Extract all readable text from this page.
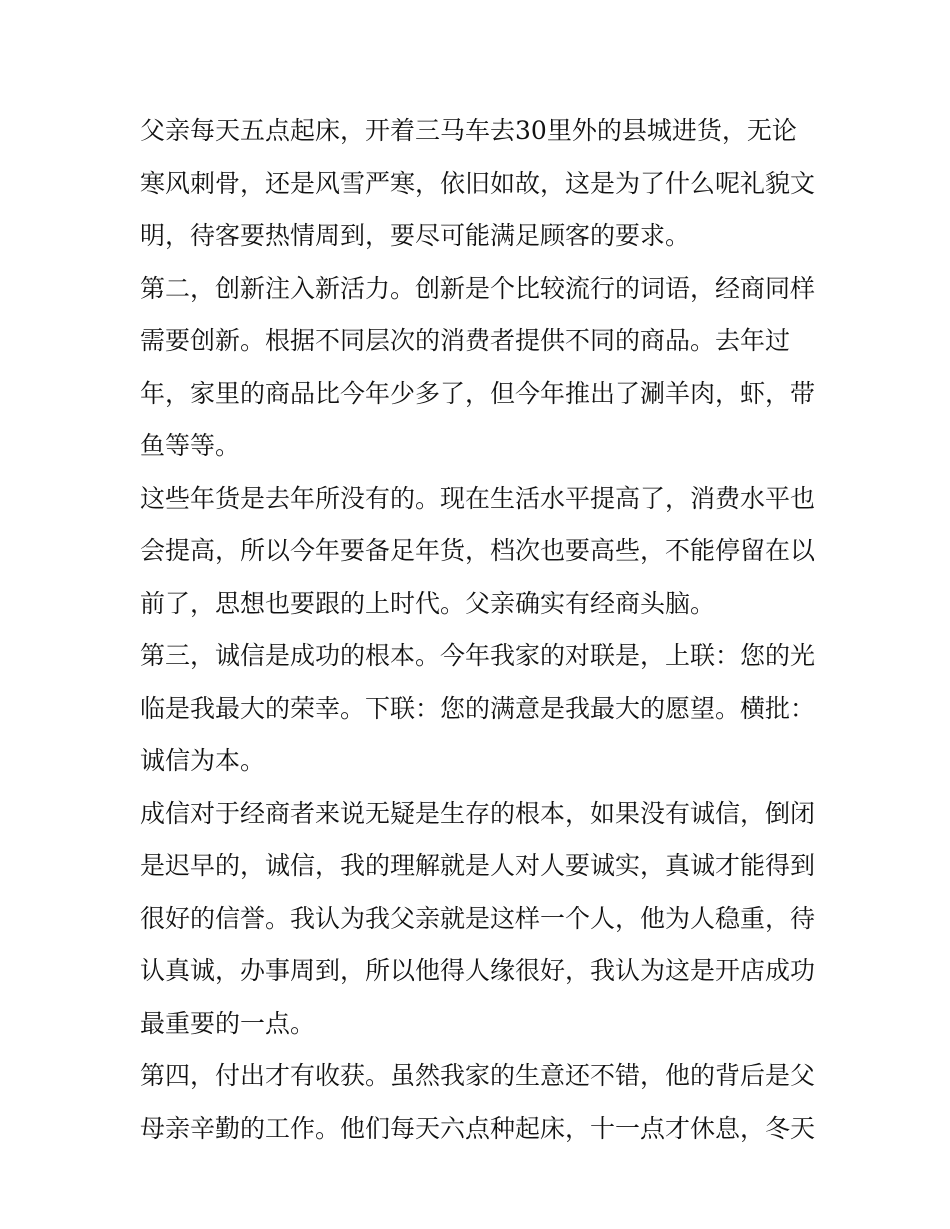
父亲每天五点起床，开着三马车去30里外的县城进货，无论
寒风刺骨，还是风雪严寒，依旧如故，这是为了什么呢礼貌文
明，待客要热情周到，要尽可能满足顾客的要求。
第二，创新注入新活力。创新是个比较流行的词语，经商同样
需要创新。根据不同层次的消费者提供不同的商品。去年过
年，家里的商品比今年少多了，但今年推出了涮羊肉，虾，带
鱼等等。
这些年货是去年所没有的。现在生活水平提高了，消费水平也
会提高，所以今年要备足年货，档次也要高些，不能停留在以
前了，思想也要跟的上时代。父亲确实有经商头脑。
第三，诚信是成功的根本。今年我家的对联是，上联：您的光
临是我最大的荣幸。下联：您的满意是我最大的愿望。横批：
诚信为本。
成信对于经商者来说无疑是生存的根本，如果没有诚信，倒闭
是迟早的，诚信，我的理解就是人对人要诚实，真诚才能得到
很好的信誉。我认为我父亲就是这样一个人，他为人稳重，待
认真诚，办事周到，所以他得人缘很好，我认为这是开店成功
最重要的一点。
第四，付出才有收获。虽然我家的生意还不错，他的背后是父
母亲辛勤的工作。他们每天六点种起床，十一点才休息，冬天
